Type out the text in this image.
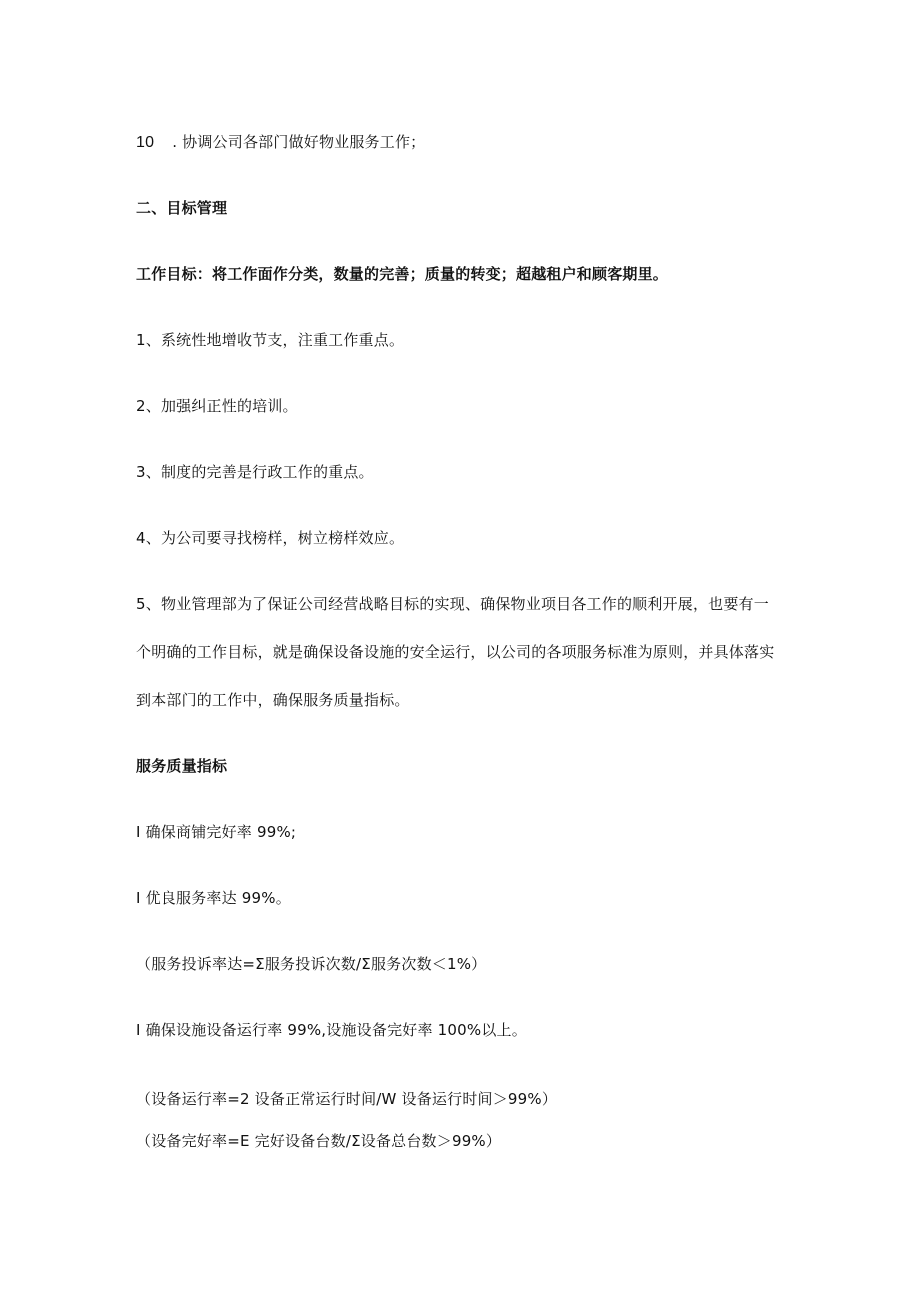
10 . 协调公司各部门做好物业服务工作；
二、目标管理
工作目标：将工作面作分类，数量的完善；质量的转变；超越租户和顾客期里。
1、系统性地增收节支，注重工作重点。
2、加强纠正性的培训。
3、制度的完善是行政工作的重点。
4、为公司要寻找榜样，树立榜样效应。
5、物业管理部为了保证公司经营战略目标的实现、确保物业项目各工作的顺利开展，也要有一
个明确的工作目标，就是确保设备设施的安全运行，以公司的各项服务标准为原则，并具体落实
到本部门的工作中，确保服务质量指标。
服务质量指标
I 确保商铺完好率 99%;
I 优良服务率达 99%。
（服务投诉率达=Σ服务投诉次数/Σ服务次数＜1%）
I 确保设施设备运行率 99%,设施设备完好率 100%以上。
（设备运行率=2 设备正常运行时间/W 设备运行时间＞99%）
（设备完好率=E 完好设备台数/Σ设备总台数＞99%）
